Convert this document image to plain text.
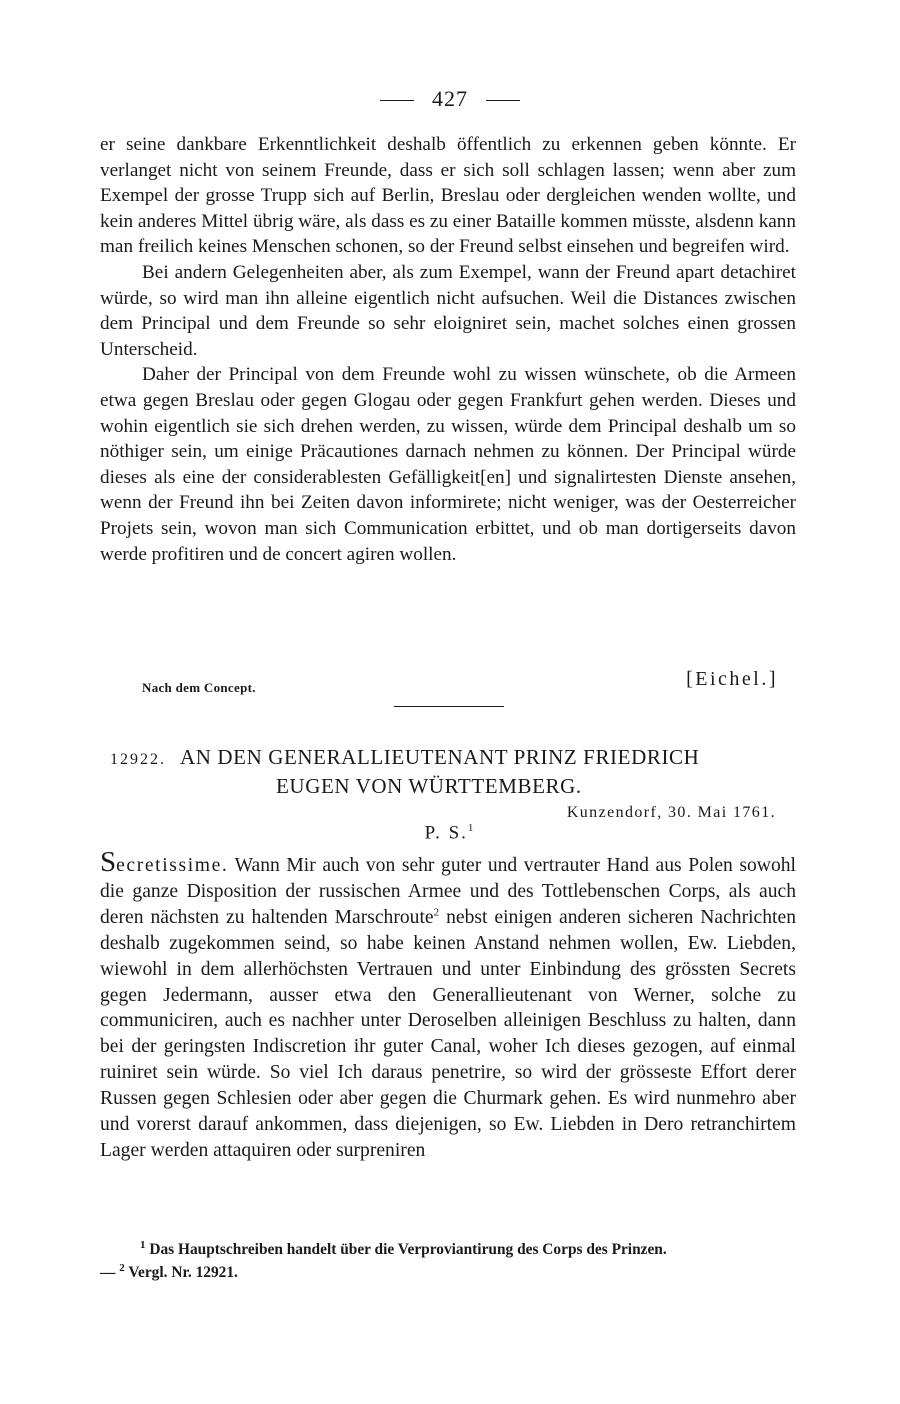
427

er seine dankbare Erkenntlichkeit deshalb öffentlich zu erkennen geben könnte. Er verlanget nicht von seinem Freunde, dass er sich soll schlagen lassen; wenn aber zum Exempel der grosse Trupp sich auf Berlin, Breslau oder dergleichen wenden wollte, und kein anderes Mittel übrig wäre, als dass es zu einer Bataille kommen müsste, alsdenn kann man freilich keines Menschen schonen, so der Freund selbst einsehen und begreifen wird.

Bei andern Gelegenheiten aber, als zum Exempel, wann der Freund apart detachiret würde, so wird man ihn alleine eigentlich nicht aufsuchen. Weil die Distances zwischen dem Principal und dem Freunde so sehr eloigniret sein, machet solches einen grossen Unterscheid.

Daher der Principal von dem Freunde wohl zu wissen wünschete, ob die Armeen etwa gegen Breslau oder gegen Glogau oder gegen Frankfurt gehen werden. Dieses und wohin eigentlich sie sich drehen werden, zu wissen, würde dem Principal deshalb um so nöthiger sein, um einige Präcautiones darnach nehmen zu können. Der Principal würde dieses als eine der considerablesten Gefälligkeit[en] und signalirtesten Dienste ansehen, wenn der Freund ihn bei Zeiten davon informirete; nicht weniger, was der Oesterreicher Projets sein, wovon man sich Communication erbittet, und ob man dortigerseits davon werde profitiren und de concert agiren wollen.

Nach dem Concept.	[Eichel.]
12922. AN DEN GENERALLIEUTENANT PRINZ FRIEDRICH
EUGEN VON WÜRTTEMBERG.
Kunzendorf, 30. Mai 1761.
P. S.$^1$

Secretissime. Wann Mir auch von sehr guter und vertrauter Hand aus Polen sowohl die ganze Disposition der russischen Armee und des Tottlebenschen Corps, als auch deren nächsten zu haltenden Marschroute$^2$ nebst einigen anderen sicheren Nachrichten deshalb zugekommen seind, so habe keinen Anstand nehmen wollen, Ew. Liebden, wiewohl in dem allerhöchsten Vertrauen und unter Einbindung des grössten Secrets gegen Jedermann, ausser etwa den Generallieutenant von Werner, solche zu communiciren, auch es nachher unter Deroselben alleinigen Beschluss zu halten, dann bei der geringsten Indiscretion ihr guter Canal, woher Ich dieses gezogen, auf einmal ruiniret sein würde. So viel Ich daraus penetrire, so wird der grösseste Effort derer Russen gegen Schlesien oder aber gegen die Churmark gehen. Es wird nunmehro aber und vorerst darauf ankommen, dass diejenigen, so Ew. Liebden in Dero retranchirtem Lager werden attaquiren oder surpreniren

$^1$ Das Hauptschreiben handelt über die Verproviantirung des Corps des Prinzen.

— $^2$ Vergl. Nr. 12921.
